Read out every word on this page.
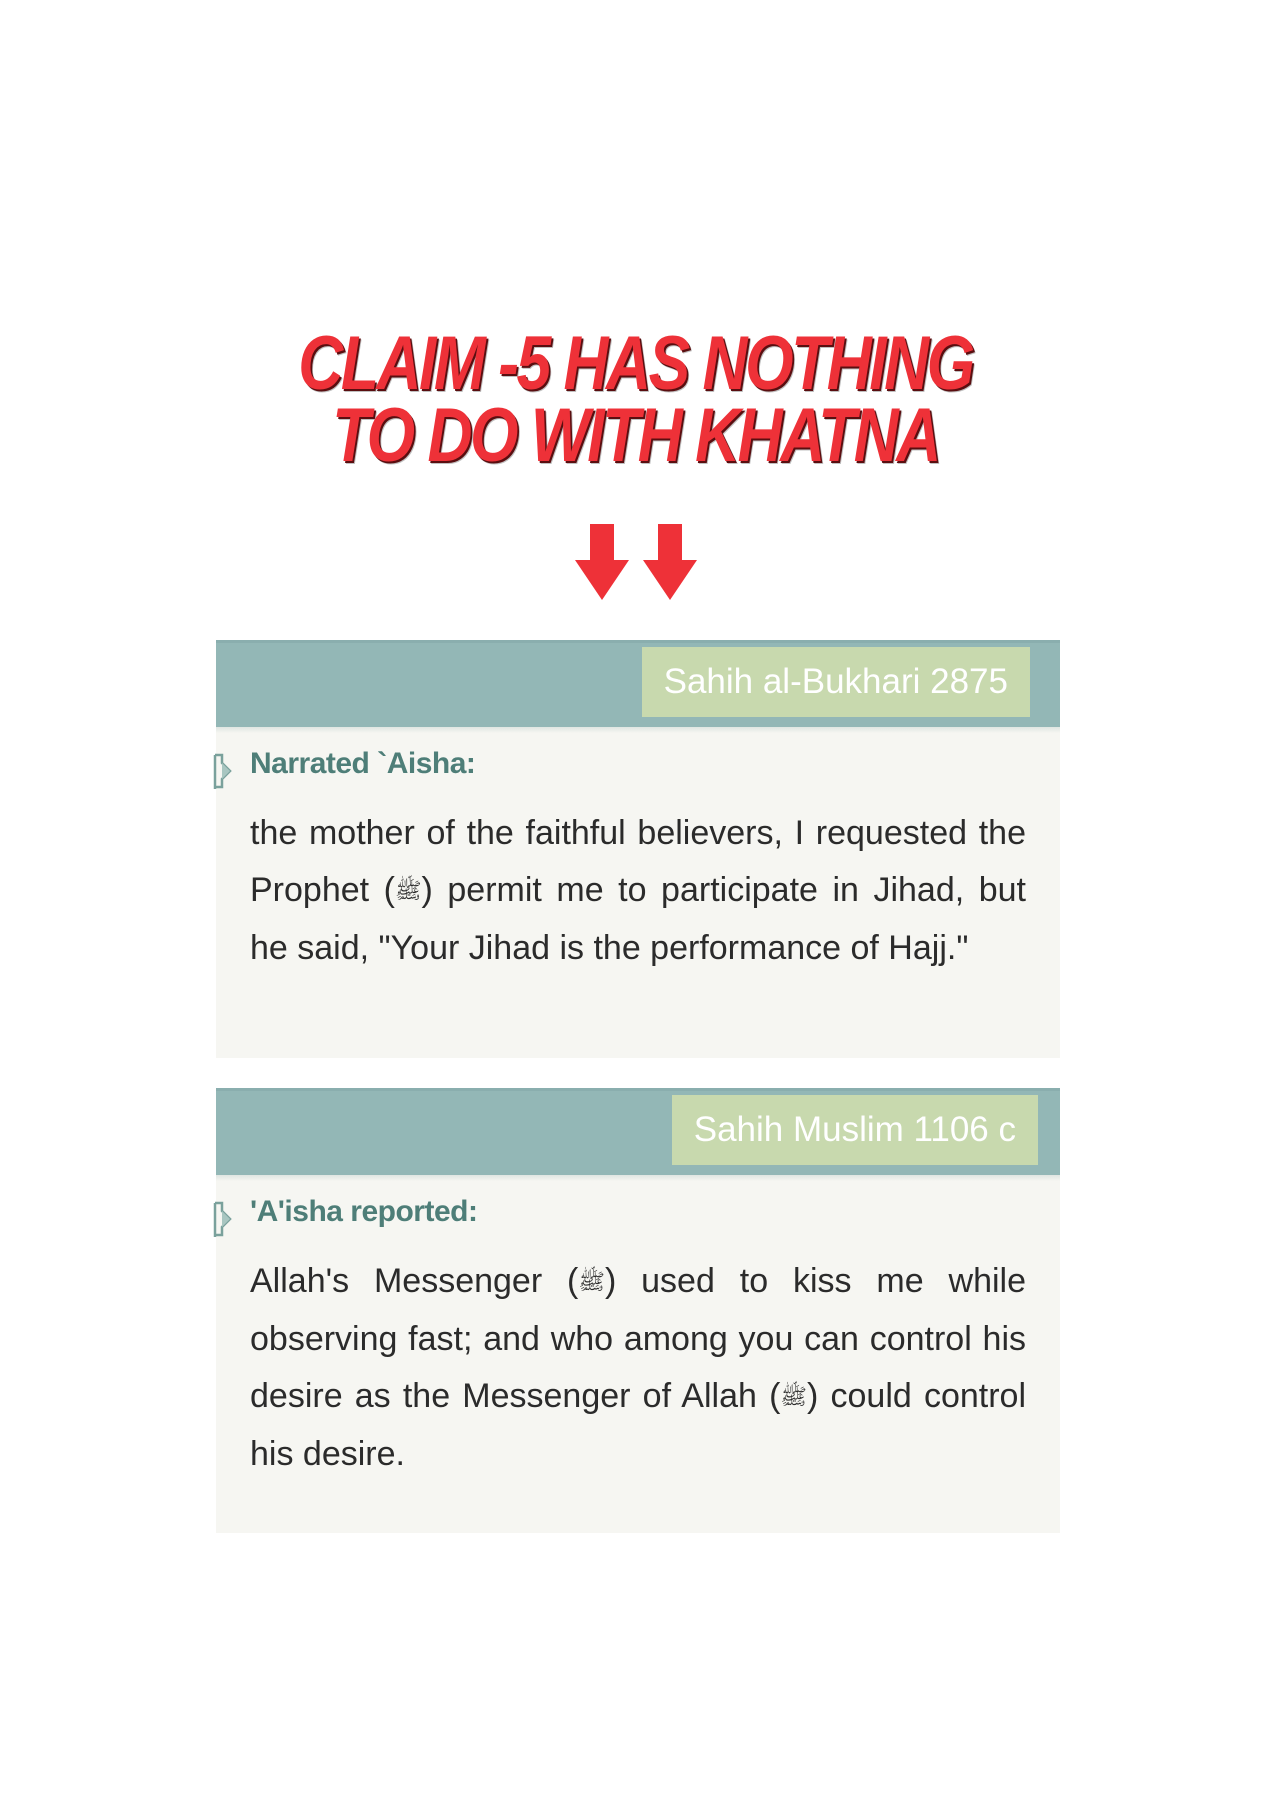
CLAIM -5 HAS NOTHING
TO DO WITH KHATNA
Sahih al-Bukhari 2875
Narrated `Aisha:

the mother of the faithful believers, I requested the Prophet (ﷺ) permit me to participate in Jihad, but he said, "Your Jihad is the performance of Hajj."

Sahih Muslim 1106 c
'A'isha reported:

Allah's Messenger (ﷺ) used to kiss me while observing fast; and who among you can control his desire as the Messenger of Allah (ﷺ) could control his desire.
